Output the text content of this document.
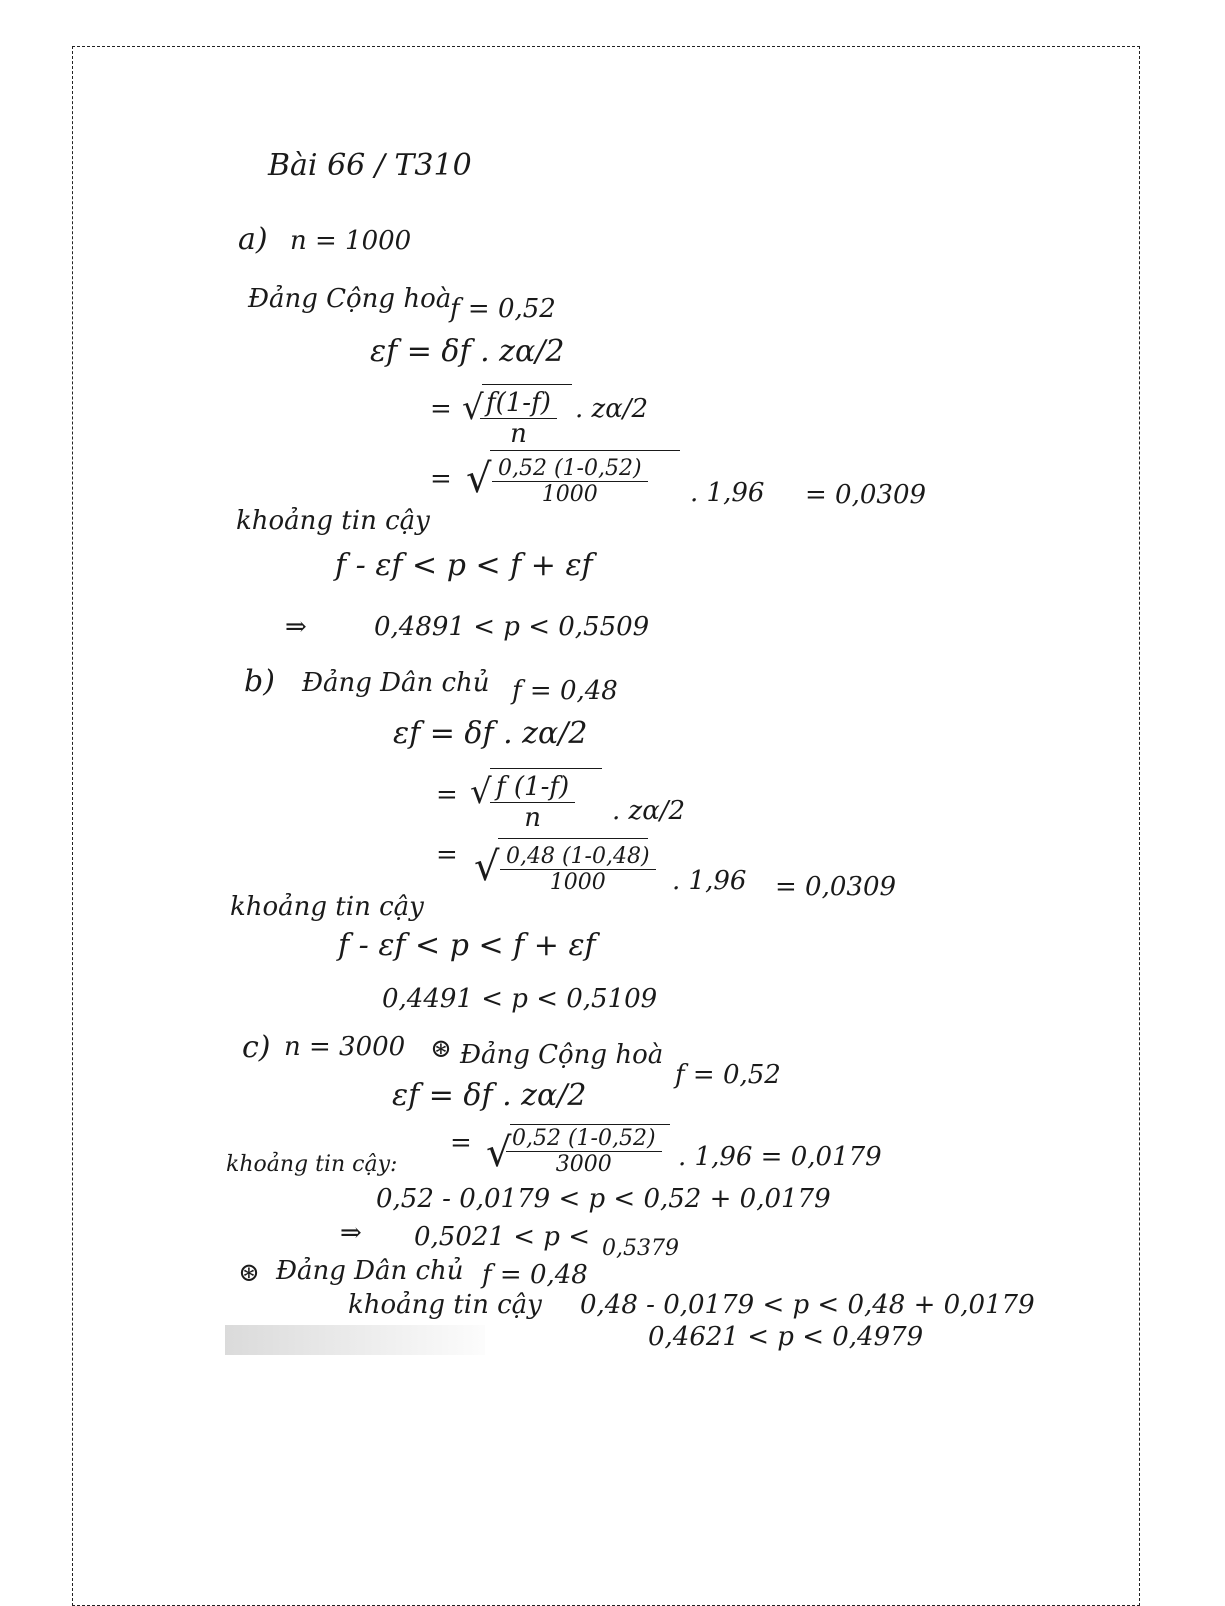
Bài 66 / T310
a) n = 1000
Đảng Cộng hoà
f = 0,52
εf = δf . zα/2
= √
$\frac{f(1-f)}{n}$ . zα/2
= √ $\frac{0,52 (1-0,52)}{1000}$ . 1,96 = 0,0309
khoảng tin cậy
f - εf < p < f + εf
⇒	0,4891 < p < 0,5509
b) Đảng Dân chủ f = 0,48
εf = δf . zα/2
= √
$\frac{f (1-f)}{n}$ . zα/2
= √ $\frac{0,48 (1-0,48)}{1000}$ . 1,96 = 0,0309
khoảng tin cậy
f - εf < p < f + εf
0,4491 < p < 0,5109
c) n = 3000 ⊛ Đảng Cộng hoà
f = 0,52
εf = δf . zα/2
= √
$\frac{0,52 (1-0,52)}{3000}$ . 1,96 = 0,0179
khoảng tin cậy:
0,52 - 0,0179 < p < 0,52 + 0,0179
⇒ 0,5021 < p < 0,5379
⊛ Đảng Dân chủ f = 0,48
khoảng tin cậy 0,48 - 0,0179 < p < 0,48 + 0,0179
0,4621 < p < 0,4979
